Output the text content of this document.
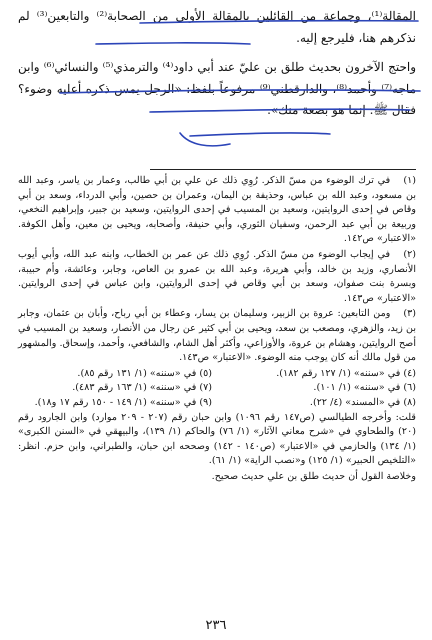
المقالة⁽¹⁾، وجماعة من القائلين بالمقالة الأولى من الصحابة⁽²⁾ والتابعين⁽³⁾ لم نذكرهم هنا، فليرجع إليه.

واحتج الآخرون بحديث طلق بن عليّ عند أبي داود⁽⁴⁾ والترمذي⁽⁵⁾ والنسائي⁽⁶⁾ وابن ماجه⁽⁷⁾ وأحمد⁽⁸⁾، والدارقطني⁽⁹⁾ مرفوعاً بلفظ: «الرجل يمس ذكره أعليه وضوء؟ فقال ﷺ: إنما هو بضعة منك».

(١) في ترك الوضوء من مسّ الذكر. رُوِي ذلك عن علي بن أبي طالب، وعمار بن ياسر، وعبد الله بن مسعود، وعبد الله بن عباس، وحذيفة بن اليمان، وعمران بن حصين، وأبي الدرداء، وسعد بن أبي وقاص في إحدى الروايتين، وسعيد بن المسيب في إحدى الروايتين، وسعيد بن جبير، وإبراهيم النخعي، وربيعة بن أبي عبد الرحمن، وسفيان الثوري، وأبي حنيفة، وأصحابه، ويحيى بن معين، وأهل الكوفة. «الاعتبار» ص١٤٢.

(٢) في إيجاب الوضوء من مسّ الذكر. رُوِي ذلك عن عمر بن الخطاب، وابنه عبد الله، وأبي أيوب الأنصاري، وزيد بن خالد، وأبي هريرة، وعبد الله بن عمرو بن العاص، وجابر، وعائشة، وأم حبيبة، وبسرة بنت صفوان، وسعد بن أبي وقاص في إحدى الروايتين، وابن عباس في إحدى الروايتين. «الاعتبار» ص١٤٣.

(٣) ومن التابعين: عروة بن الزبير، وسليمان بن يسار، وعطاء بن أبي رباح، وأبان بن عثمان، وجابر بن زيد، والزهري، ومصعب بن سعد، ويحيى بن أبي كثير عن رجال من الأنصار، وسعيد بن المسيب في أصح الروايتين، وهشام بن عروة، والأوزاعي، وأكثر أهل الشام، والشافعي، وأحمد، وإسحاق. والمشهور من قول مالك أنه كان يوجب منه الوضوء. «الاعتبار» ص١٤٣.

(٤) في «سننه» (١/ ١٢٧ رقم ١٨٢).
(٥) في «سننه» (١/ ١٣١ رقم ٨٥).
(٦) في «سننه» (١/ ١٠١).
(٧) في «سننه» (١/ ١٦٣ رقم ٤٨٣).
(٨) في «المسند» (٤/ ٢٢).
(٩) في «سننه» (١/ ١٤٩ - ١٥٠ رقم ١٧ و١٨).

قلت: وأخرجه الطيالسي (ص١٤٧ رقم ١٠٩٦) وابن حبان رقم (٢٠٧ - ٢٠٩ موارد) وابن الجارود رقم (٢٠) والطحاوي في «شرح معاني الآثار» (١/ ٧٦) والحاكم (١/ ١٣٩)، والبيهقي في «السنن الكبرى» (١/ ١٣٤) والحازمي في «الاعتبار» (ص١٤٠ - ١٤٢) وصححه ابن حبان، والطبراني، وابن حزم. انظر: «التلخيص الحبير» (١/ ١٢٥) و«نصب الراية» (١/ ٦١).

وخلاصة القول أن حديث طلق بن علي حديث صحيح.

٢٣٦
